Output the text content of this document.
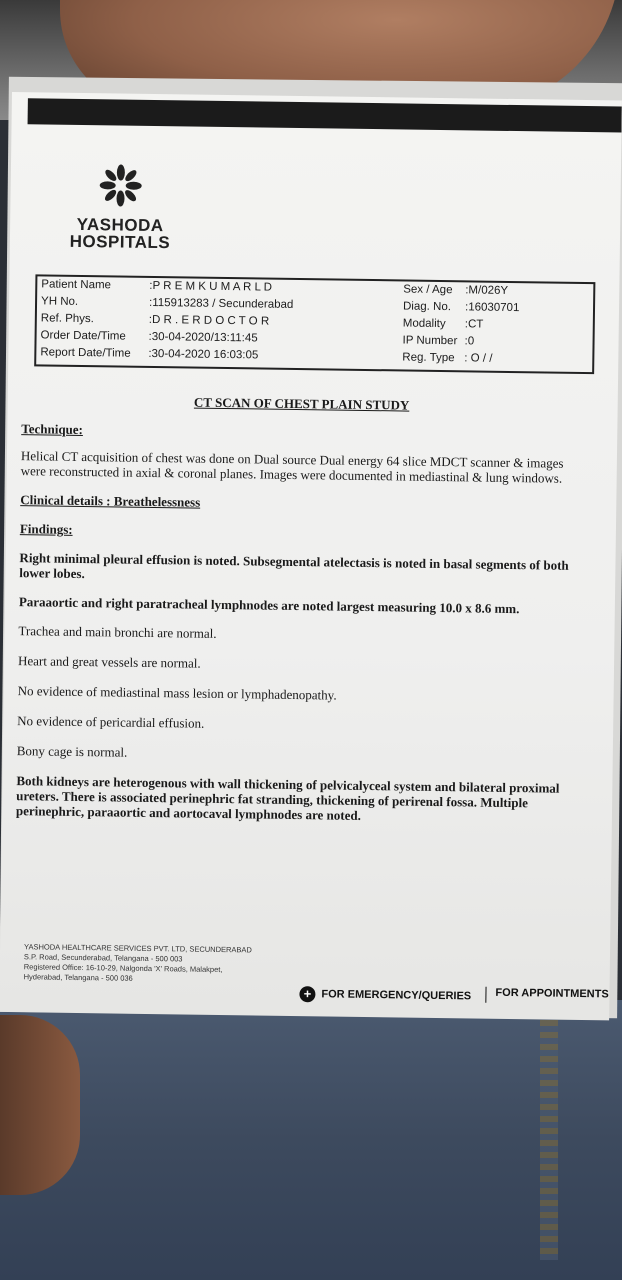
YASHODA
HOSPITALS
Patient Name	:P R E M K U M A R L D	Sex / Age :M/026Y
YH No.	:115913283 / Secunderabad	Diag. No. :16030701
Ref. Phys.	:D R . E R D O C T O R	Modality :CT
Order Date/Time :30-04-2020/13:11:45	IP Number :0
Report Date/Time :30-04-2020 16:03:05	Reg. Type : O / /

CT SCAN OF CHEST PLAIN STUDY

Technique:

Helical CT acquisition of chest was done on Dual source Dual energy 64 slice MDCT scanner & images were reconstructed in axial & coronal planes. Images were documented in mediastinal & lung windows.

Clinical details : Breathelessness

Findings:

Right minimal pleural effusion is noted. Subsegmental atelectasis is noted in basal segments of both lower lobes.

Paraaortic and right paratracheal lymphnodes are noted largest measuring 10.0 x 8.6 mm.

Trachea and main bronchi are normal.

Heart and great vessels are normal.

No evidence of mediastinal mass lesion or lymphadenopathy.

No evidence of pericardial effusion.

Bony cage is normal.

Both kidneys are heterogenous with wall thickening of pelvicalyceal system and bilateral proximal ureters. There is associated perinephric fat stranding, thickening of perirenal fossa. Multiple perinephric, paraaortic and aortocaval lymphnodes are noted.

YASHODA HEALTHCARE SERVICES PVT. LTD, SECUNDERABAD
S.P. Road, Secunderabad, Telangana - 500 003
Registered Office: 16-10-29, Nalgonda 'X' Roads, Malakpet,
Hyderabad, Telangana - 500 036
+ FOR EMERGENCY/QUERIES FOR APPOINTMENTS
